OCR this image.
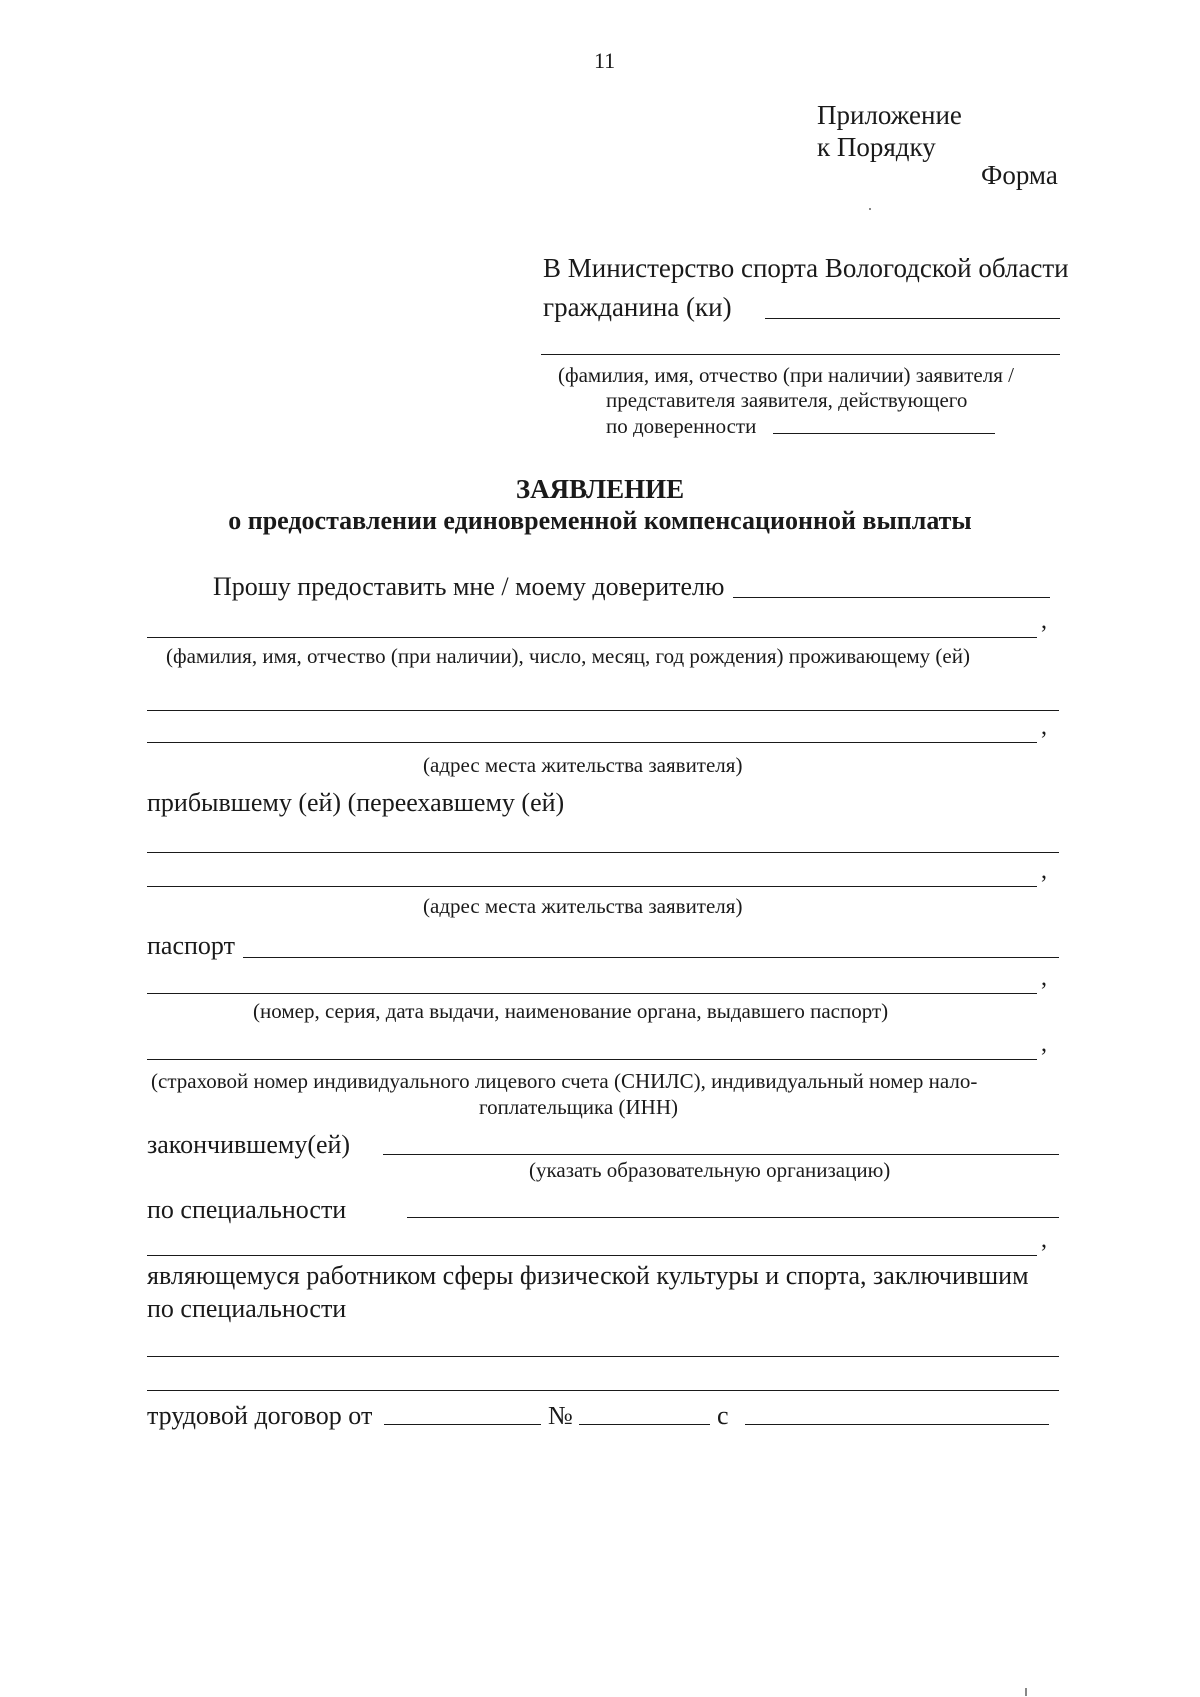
11
Приложение
к Порядку
Форма
В Министерство спорта Вологодской области
гражданина (ки)
(фамилия, имя, отчество (при наличии) заявителя /
представителя заявителя, действующего
по доверенности
ЗАЯВЛЕНИЕ
о предоставлении единовременной компенсационной выплаты
Прошу предоставить мне / моему доверителю
,
(фамилия, имя, отчество (при наличии), число, месяц, год рождения) проживающему (ей)
,
(адрес места жительства заявителя)
прибывшему (ей) (переехавшему (ей)
,
(адрес места жительства заявителя)
паспорт
,
(номер, серия, дата выдачи, наименование органа, выдавшего паспорт)
,
(страховой номер индивидуального лицевого счета (СНИЛС), индивидуальный номер нало-
гоплательщика (ИНН)
закончившему(ей)
(указать образовательную организацию)
по специальности
,
являющемуся работником сферы физической культуры и спорта, заключившим
по специальности
трудовой договор от	№	с
